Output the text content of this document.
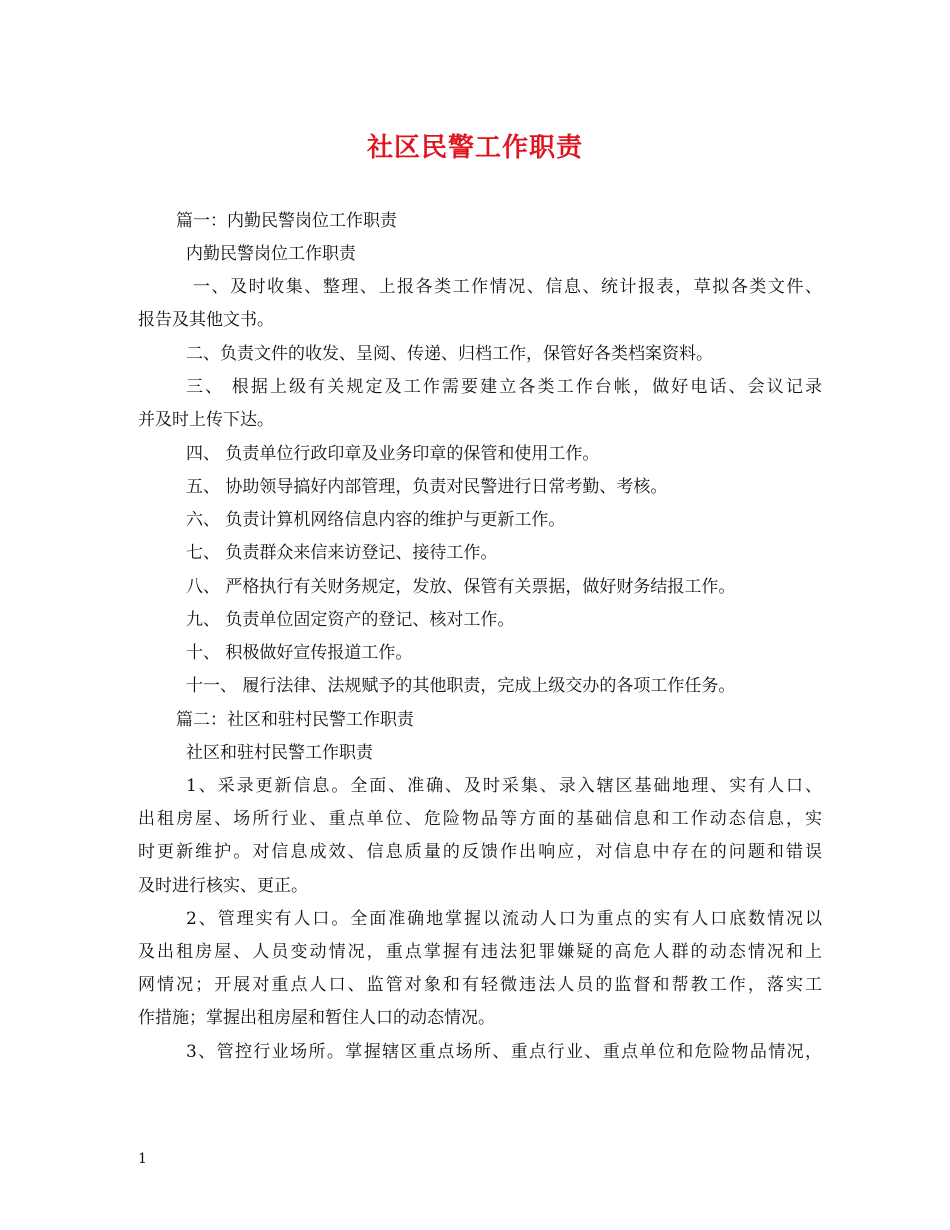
社区民警工作职责
篇一：内勤民警岗位工作职责
内勤民警岗位工作职责
一、及时收集、整理、上报各类工作情况、信息、统计报表，草拟各类文件、
报告及其他文书。
二、负责文件的收发、呈阅、传递、归档工作，保管好各类档案资料。
三、 根据上级有关规定及工作需要建立各类工作台帐，做好电话、会议记录
并及时上传下达。
四、 负责单位行政印章及业务印章的保管和使用工作。
五、 协助领导搞好内部管理，负责对民警进行日常考勤、考核。
六、 负责计算机网络信息内容的维护与更新工作。
七、 负责群众来信来访登记、接待工作。
八、 严格执行有关财务规定，发放、保管有关票据，做好财务结报工作。
九、 负责单位固定资产的登记、核对工作。
十、 积极做好宣传报道工作。
十一、 履行法律、法规赋予的其他职责，完成上级交办的各项工作任务。
篇二：社区和驻村民警工作职责
社区和驻村民警工作职责
1、采录更新信息。全面、准确、及时采集、录入辖区基础地理、实有人口、
出租房屋、场所行业、重点单位、危险物品等方面的基础信息和工作动态信息，实
时更新维护。对信息成效、信息质量的反馈作出响应，对信息中存在的问题和错误
及时进行核实、更正。
2、管理实有人口。全面准确地掌握以流动人口为重点的实有人口底数情况以
及出租房屋、人员变动情况，重点掌握有违法犯罪嫌疑的高危人群的动态情况和上
网情况；开展对重点人口、监管对象和有轻微违法人员的监督和帮教工作，落实工
作措施；掌握出租房屋和暂住人口的动态情况。
3、管控行业场所。掌握辖区重点场所、重点行业、重点单位和危险物品情况，
1
